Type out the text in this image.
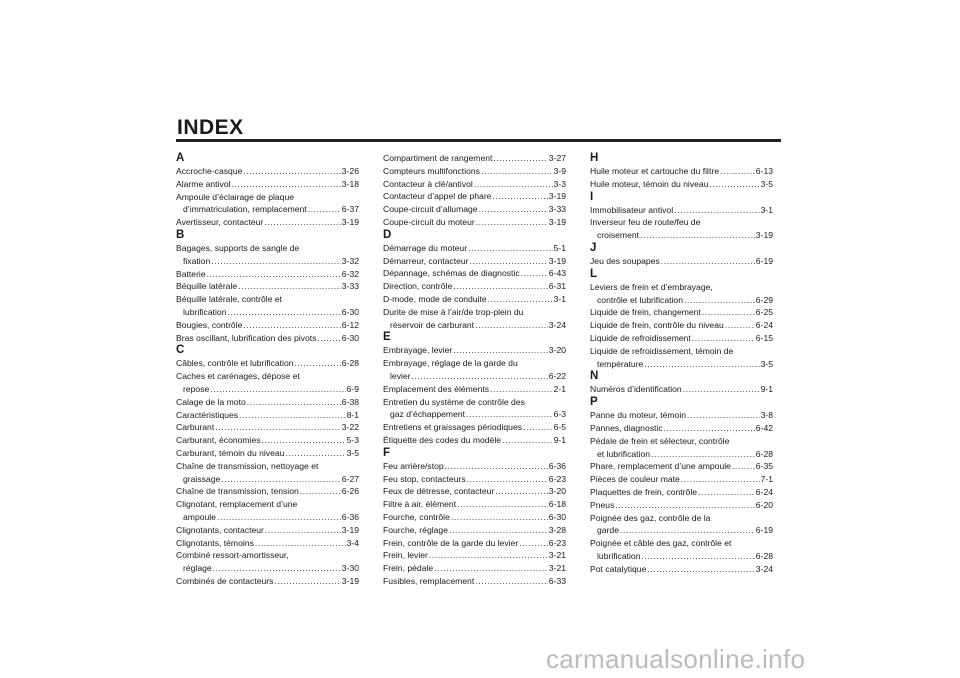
INDEX
A
Accroche-casque .....	3-26
Alarme antivol .....	3-18
Ampoule d’éclairage de plaque
d’immatriculation, remplacement .....	6-37
Avertisseur, contacteur .....	3-19
B
Bagages, supports de sangle de
fixation .....	3-32
Batterie .....	6-32
Béquille latérale .....	3-33
Béquille latérale, contrôle et
lubrification .....	6-30
Bougies, contrôle .....	6-12
Bras oscillant, lubrification des pivots .....	6-30
C
Câbles, contrôle et lubrification .....	6-28
Caches et carénages, dépose et
repose .....	6-9
Calage de la moto .....	6-38
Caractéristiques .....	8-1
Carburant .....	3-22
Carburant, économies .....	5-3
Carburant, témoin du niveau .....	3-5
Chaîne de transmission, nettoyage et
graissage .....	6-27
Chaîne de transmission, tension .....	6-26
Clignotant, remplacement d’une
ampoule .....	6-36
Clignotants, contacteur .....	3-19
Clignotants, témoins .....	3-4
Combiné ressort-amortisseur,
réglage .....	3-30
Combinés de contacteurs .....	3-19
Compartiment de rangement .....	3-27
Compteurs multifonctions .....	3-9
Contacteur à clé/antivol .....	3-3
Contacteur d’appel de phare .....	3-19
Coupe-circuit d’allumage .....	3-33
Coupe-circuit du moteur .....	3-19
D
Démarrage du moteur .....	5-1
Démarreur, contacteur .....	3-19
Dépannage, schémas de diagnostic .....	6-43
Direction, contrôle .....	6-31
D-mode, mode de conduite .....	3-1
Durite de mise à l’air/de trop-plein du
réservoir de carburant .....	3-24
E
Embrayage, levier .....	3-20
Embrayage, réglage de la garde du
levier .....	6-22
Emplacement des éléments .....	2-1
Entretien du système de contrôle des
gaz d’échappement .....	6-3
Entretiens et graissages périodiques .....	6-5
Étiquette des codes du modèle .....	9-1
F
Feu arrière/stop .....	6-36
Feu stop, contacteurs .....	6-23
Feux de détresse, contacteur .....	3-20
Filtre à air, élément .....	6-18
Fourche, contrôle .....	6-30
Fourche, réglage .....	3-28
Frein, contrôle de la garde du levier .....	6-23
Frein, levier .....	3-21
Frein, pédale .....	3-21
Fusibles, remplacement .....	6-33
H
Huile moteur et cartouche du filtre .....	6-13
Huile moteur, témoin du niveau .....	3-5
I
Immobilisateur antivol .....	3-1
Inverseur feu de route/feu de
croisement .....	3-19
J
Jeu des soupapes .....	6-19
L
Leviers de frein et d’embrayage,
contrôle et lubrification .....	6-29
Liquide de frein, changement .....	6-25
Liquide de frein, contrôle du niveau .....	6-24
Liquide de refroidissement .....	6-15
Liquide de refroidissement, témoin de
température .....	3-5
N
Numéros d’identification .....	9-1
P
Panne du moteur, témoin .....	3-8
Pannes, diagnostic .....	6-42
Pédale de frein et sélecteur, contrôle
et lubrification .....	6-28
Phare, remplacement d’une ampoule .....	6-35
Pièces de couleur mate .....	7-1
Plaquettes de frein, contrôle .....	6-24
Pneus .....	6-20
Poignée des gaz, contrôle de la
garde .....	6-19
Poignée et câble des gaz, contrôle et
lubrification .....	6-28
Pot catalytique .....	3-24
carmanualsonline.info
